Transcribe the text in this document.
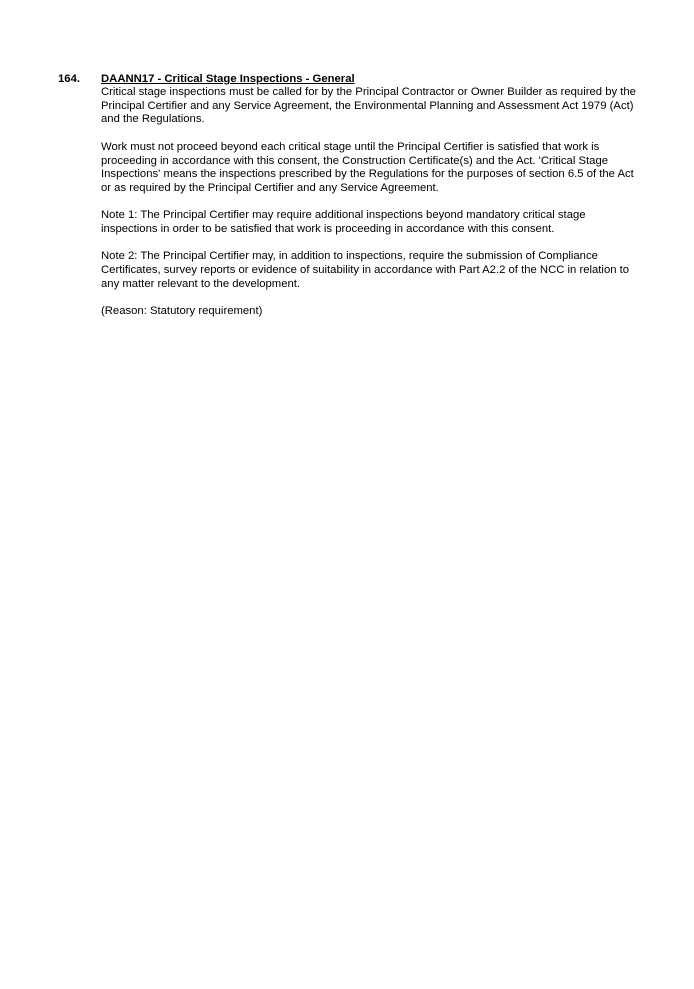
164. DAANN17 - Critical Stage Inspections - General

Critical stage inspections must be called for by the Principal Contractor or Owner Builder as required by the Principal Certifier and any Service Agreement, the Environmental Planning and Assessment Act 1979 (Act) and the Regulations.

Work must not proceed beyond each critical stage until the Principal Certifier is satisfied that work is proceeding in accordance with this consent, the Construction Certificate(s) and the Act. 'Critical Stage Inspections' means the inspections prescribed by the Regulations for the purposes of section 6.5 of the Act or as required by the Principal Certifier and any Service Agreement.

Note 1: The Principal Certifier may require additional inspections beyond mandatory critical stage inspections in order to be satisfied that work is proceeding in accordance with this consent.

Note 2: The Principal Certifier may, in addition to inspections, require the submission of Compliance Certificates, survey reports or evidence of suitability in accordance with Part A2.2 of the NCC in relation to any matter relevant to the development.

(Reason: Statutory requirement)
